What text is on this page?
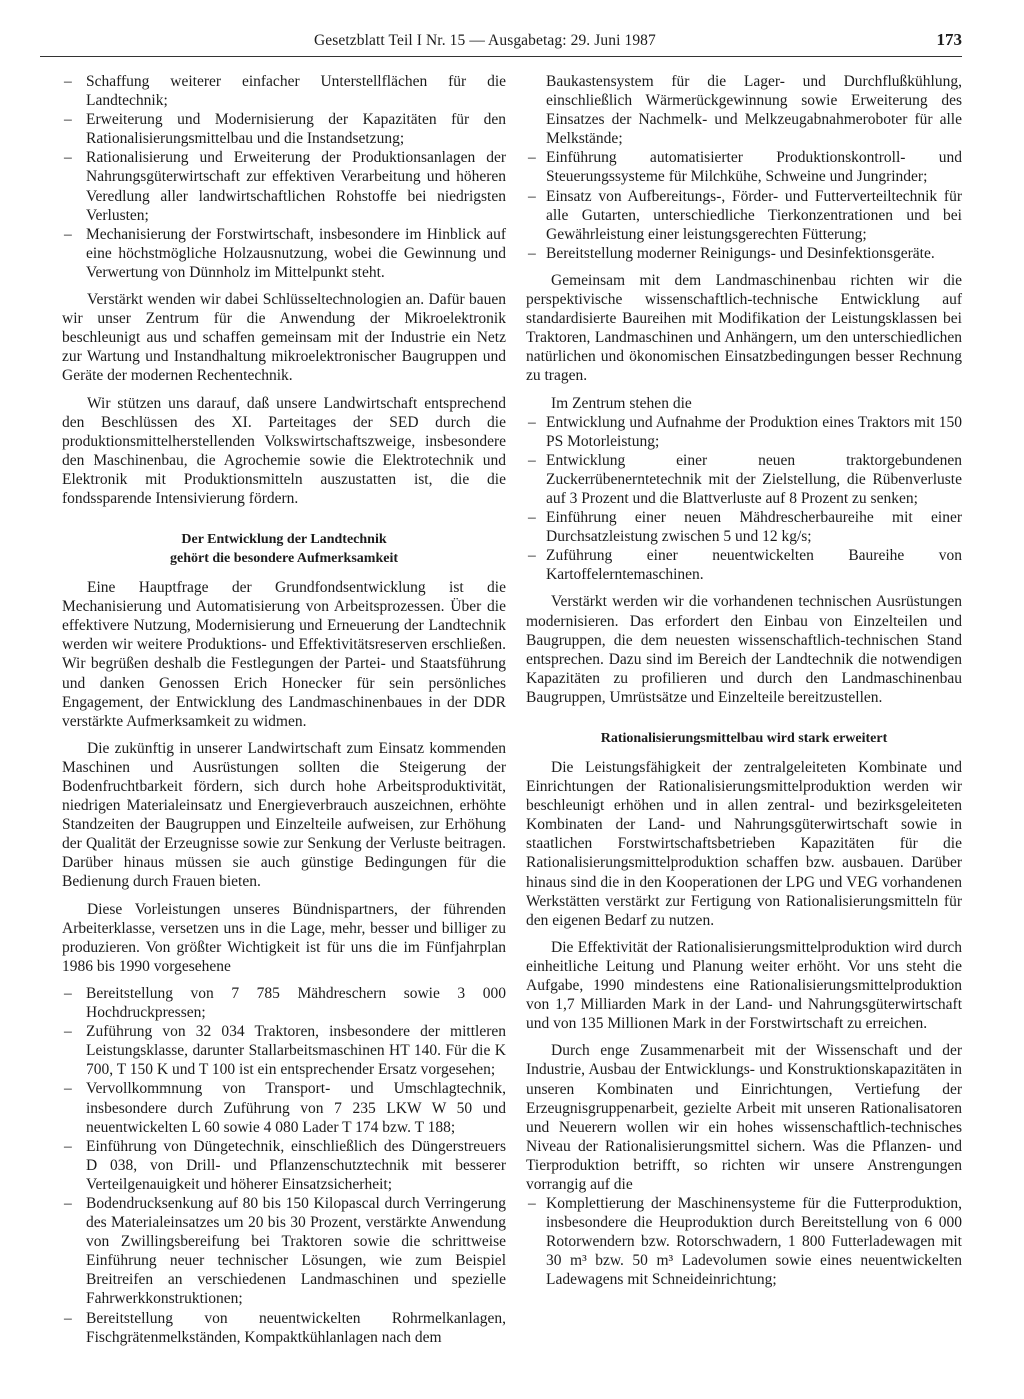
Gesetzblatt Teil I Nr. 15 — Ausgabetag: 29. Juni 1987	173
– Schaffung weiterer einfacher Unterstellflächen für die Landtechnik;
– Erweiterung und Modernisierung der Kapazitäten für den Rationalisierungsmittelbau und die Instandsetzung;
– Rationalisierung und Erweiterung der Produktionsanlagen der Nahrungsgüterwirtschaft zur effektiven Verarbeitung und höheren Veredlung aller landwirtschaftlichen Rohstoffe bei niedrigsten Verlusten;
– Mechanisierung der Forstwirtschaft, insbesondere im Hinblick auf eine höchstmögliche Holzausnutzung, wobei die Gewinnung und Verwertung von Dünnholz im Mittelpunkt steht.

Verstärkt wenden wir dabei Schlüsseltechnologien an. Dafür bauen wir unser Zentrum für die Anwendung der Mikroelektronik beschleunigt aus und schaffen gemeinsam mit der Industrie ein Netz zur Wartung und Instandhaltung mikroelektronischer Baugruppen und Geräte der modernen Rechentechnik.

Wir stützen uns darauf, daß unsere Landwirtschaft entsprechend den Beschlüssen des XI. Parteitages der SED durch die produktionsmittelherstellenden Volkswirtschaftszweige, insbesondere den Maschinenbau, die Agrochemie sowie die Elektrotechnik und Elektronik mit Produktionsmitteln auszustatten ist, die die fondssparende Intensivierung fördern.

Der Entwicklung der Landtechnik
gehört die besondere Aufmerksamkeit

Eine Hauptfrage der Grundfondsentwicklung ist die Mechanisierung und Automatisierung von Arbeitsprozessen. Über die effektivere Nutzung, Modernisierung und Erneuerung der Landtechnik werden wir weitere Produktions- und Effektivitätsreserven erschließen. Wir begrüßen deshalb die Festlegungen der Partei- und Staatsführung und danken Genossen Erich Honecker für sein persönliches Engagement, der Entwicklung des Landmaschinenbaues in der DDR verstärkte Aufmerksamkeit zu widmen.

Die zukünftig in unserer Landwirtschaft zum Einsatz kommenden Maschinen und Ausrüstungen sollten die Steigerung der Bodenfruchtbarkeit fördern, sich durch hohe Arbeitsproduktivität, niedrigen Materialeinsatz und Energieverbrauch auszeichnen, erhöhte Standzeiten der Baugruppen und Einzelteile aufweisen, zur Erhöhung der Qualität der Erzeugnisse sowie zur Senkung der Verluste beitragen. Darüber hinaus müssen sie auch günstige Bedingungen für die Bedienung durch Frauen bieten.

Diese Vorleistungen unseres Bündnispartners, der führenden Arbeiterklasse, versetzen uns in die Lage, mehr, besser und billiger zu produzieren. Von größter Wichtigkeit ist für uns die im Fünfjahrplan 1986 bis 1990 vorgesehene

– Bereitstellung von 7 785 Mähdreschern sowie 3 000 Hochdruckpressen;
– Zuführung von 32 034 Traktoren, insbesondere der mittleren Leistungsklasse, darunter Stallarbeitsmaschinen HT 140. Für die K 700, T 150 K und T 100 ist ein entsprechender Ersatz vorgesehen;
– Vervollkommnung von Transport- und Umschlagtechnik, insbesondere durch Zuführung von 7 235 LKW W 50 und neuentwickelten L 60 sowie 4 080 Lader T 174 bzw. T 188;
– Einführung von Düngetechnik, einschließlich des Düngerstreuers D 038, von Drill- und Pflanzenschutztechnik mit besserer Verteilgenauigkeit und höherer Einsatzsicherheit;
– Bodendrucksenkung auf 80 bis 150 Kilopascal durch Verringerung des Materialeinsatzes um 20 bis 30 Prozent, verstärkte Anwendung von Zwillingsbereifung bei Traktoren sowie die schrittweise Einführung neuer technischer Lösungen, wie zum Beispiel Breitreifen an verschiedenen Landmaschinen und spezielle Fahrwerkkonstruktionen;
– Bereitstellung von neuentwickelten Rohrmelkanlagen, Fischgrätenmelkständen, Kompaktkühlanlagen nach dem

Baukastensystem für die Lager- und Durchflußkühlung, einschließlich Wärmerückgewinnung sowie Erweiterung des Einsatzes der Nachmelk- und Melkzeugabnahmeroboter für alle Melkstände;

– Einführung automatisierter Produktionskontroll- und Steuerungssysteme für Milchkühe, Schweine und Jungrinder;
– Einsatz von Aufbereitungs-, Förder- und Futterverteiltechnik für alle Gutarten, unterschiedliche Tierkonzentrationen und bei Gewährleistung einer leistungsgerechten Fütterung;
– Bereitstellung moderner Reinigungs- und Desinfektionsgeräte.

Gemeinsam mit dem Landmaschinenbau richten wir die perspektivische wissenschaftlich-technische Entwicklung auf standardisierte Baureihen mit Modifikation der Leistungsklassen bei Traktoren, Landmaschinen und Anhängern, um den unterschiedlichen natürlichen und ökonomischen Einsatzbedingungen besser Rechnung zu tragen.

Im Zentrum stehen die

– Entwicklung und Aufnahme der Produktion eines Traktors mit 150 PS Motorleistung;
– Entwicklung einer neuen traktorgebundenen Zuckerrübenerntetechnik mit der Zielstellung, die Rübenverluste auf 3 Prozent und die Blattverluste auf 8 Prozent zu senken;
– Einführung einer neuen Mähdrescherbaureihe mit einer Durchsatzleistung zwischen 5 und 12 kg/s;
– Zuführung einer neuentwickelten Baureihe von Kartoffelerntemaschinen.

Verstärkt werden wir die vorhandenen technischen Ausrüstungen modernisieren. Das erfordert den Einbau von Einzelteilen und Baugruppen, die dem neuesten wissenschaftlich-technischen Stand entsprechen. Dazu sind im Bereich der Landtechnik die notwendigen Kapazitäten zu profilieren und durch den Landmaschinenbau Baugruppen, Umrüstsätze und Einzelteile bereitzustellen.

Rationalisierungsmittelbau wird stark erweitert

Die Leistungsfähigkeit der zentralgeleiteten Kombinate und Einrichtungen der Rationalisierungsmittelproduktion werden wir beschleunigt erhöhen und in allen zentral- und bezirksgeleiteten Kombinaten der Land- und Nahrungsgüterwirtschaft sowie in staatlichen Forstwirtschaftsbetrieben Kapazitäten für die Rationalisierungsmittelproduktion schaffen bzw. ausbauen. Darüber hinaus sind die in den Kooperationen der LPG und VEG vorhandenen Werkstätten verstärkt zur Fertigung von Rationalisierungsmitteln für den eigenen Bedarf zu nutzen.

Die Effektivität der Rationalisierungsmittelproduktion wird durch einheitliche Leitung und Planung weiter erhöht. Vor uns steht die Aufgabe, 1990 mindestens eine Rationalisierungsmittelproduktion von 1,7 Milliarden Mark in der Land- und Nahrungsgüterwirtschaft und von 135 Millionen Mark in der Forstwirtschaft zu erreichen.

Durch enge Zusammenarbeit mit der Wissenschaft und der Industrie, Ausbau der Entwicklungs- und Konstruktionskapazitäten in unseren Kombinaten und Einrichtungen, Vertiefung der Erzeugnisgruppenarbeit, gezielte Arbeit mit unseren Rationalisatoren und Neuerern wollen wir ein hohes wissenschaftlich-technisches Niveau der Rationalisierungsmittel sichern. Was die Pflanzen- und Tierproduktion betrifft, so richten wir unsere Anstrengungen vorrangig auf die

– Komplettierung der Maschinensysteme für die Futterproduktion, insbesondere die Heuproduktion durch Bereitstellung von 6 000 Rotorwendern bzw. Rotorschwadern, 1 800 Futterladewagen mit 30 m³ bzw. 50 m³ Ladevolumen sowie eines neuentwickelten Ladewagens mit Schneideinrichtung;
